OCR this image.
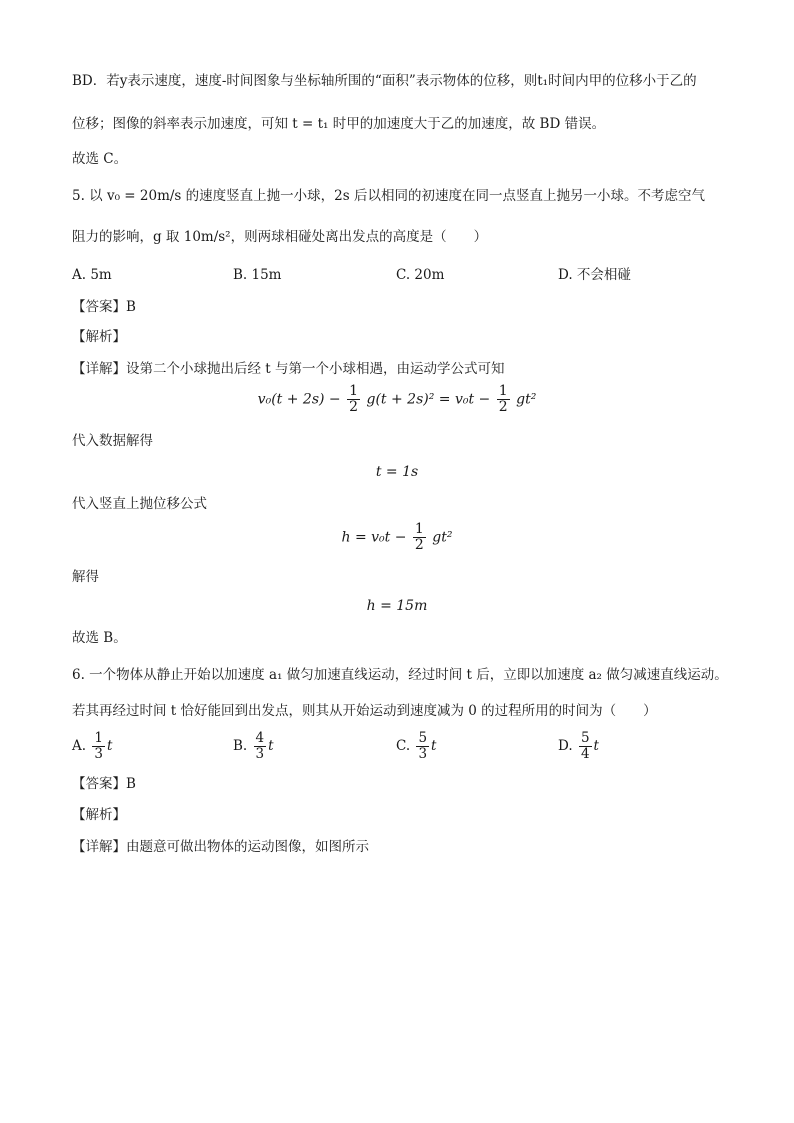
BD．若y表示速度，速度-时间图象与坐标轴所围的“面积”表示物体的位移，则t₁时间内甲的位移小于乙的
位移；图像的斜率表示加速度，可知 t = t₁ 时甲的加速度大于乙的加速度，故 BD 错误。
故选 C。
5. 以 v₀ = 20m/s 的速度竖直上抛一小球，2s 后以相同的初速度在同一点竖直上抛另一小球。不考虑空气
阻力的影响，g 取 10m/s²，则两球相碰处离出发点的高度是（　　）
A. 5m	B. 15m	C. 20m	D. 不会相碰
【答案】B
【解析】
【详解】设第二个小球抛出后经 t 与第一个小球相遇，由运动学公式可知
$v_0(t + 2s) - \frac{1}{2} g(t + 2s)^2 = v_0t - \frac{1}{2} gt^2$
代入数据解得
t = 1s
代入竖直上抛位移公式
$h = v_0t - \frac{1}{2} gt^2$
解得
h = 15m
故选 B。
6. 一个物体从静止开始以加速度 a₁ 做匀加速直线运动，经过时间 t 后，立即以加速度 a₂ 做匀减速直线运动。
若其再经过时间 t 恰好能回到出发点，则其从开始运动到速度减为 0 的过程所用的时间为（　　）
A. $\frac{1}{3}$ t	B. $\frac{4}{3}$ t	C. $\frac{5}{3}$ t	D. $\frac{5}{4}$ t
【答案】B
【解析】
【详解】由题意可做出物体的运动图像，如图所示
